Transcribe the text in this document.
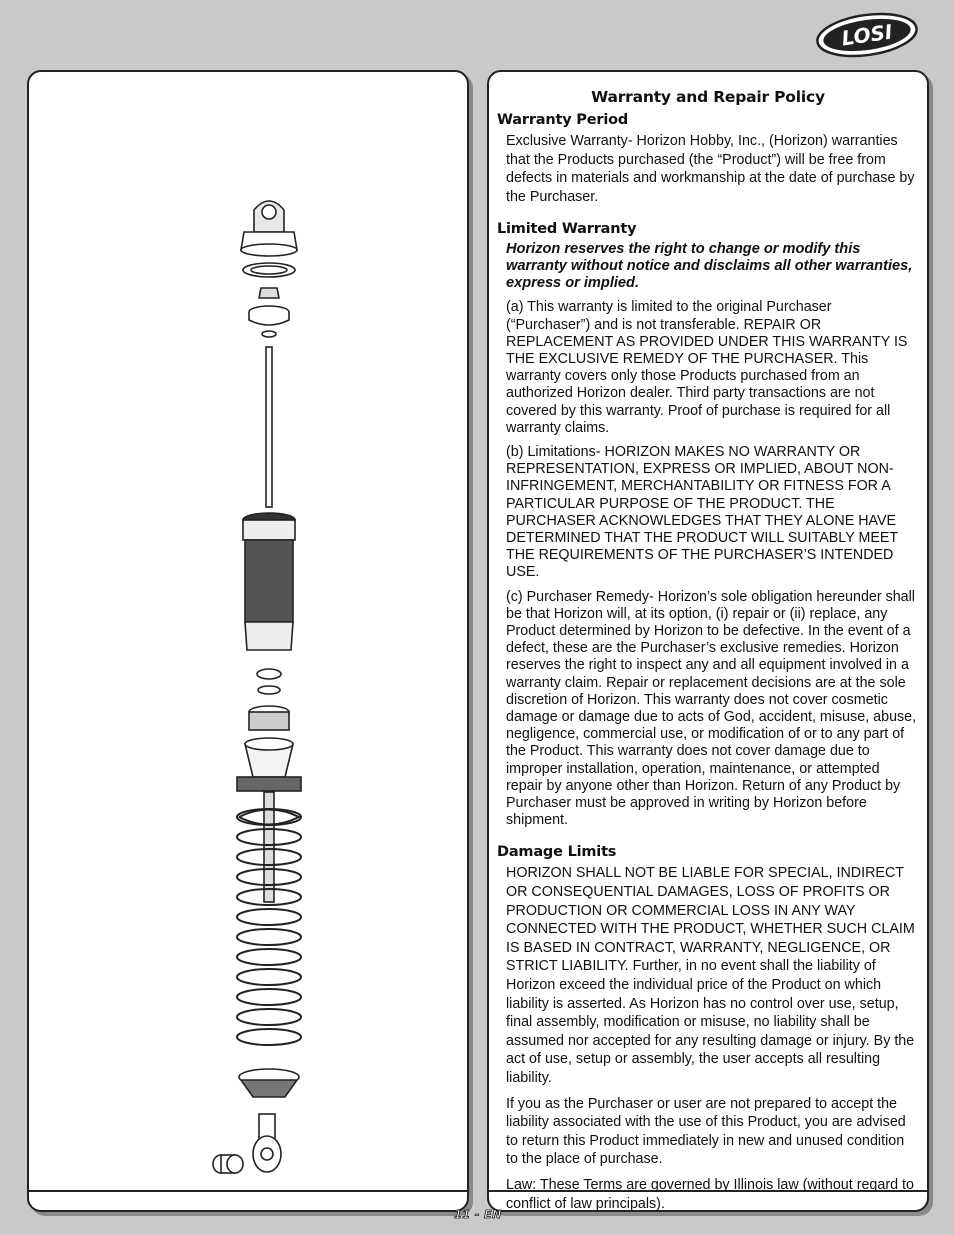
LOSI
Warranty and Repair Policy
Warranty Period

Exclusive Warranty- Horizon Hobby, Inc., (Horizon) warranties that the Products purchased (the “Product”) will be free from defects in materials and workmanship at the date of purchase by the Purchaser.

Limited Warranty

Horizon reserves the right to change or modify this warranty without notice and disclaims all other warranties, express or implied.

(a) This warranty is limited to the original Purchaser (“Purchaser”) and is not transferable. REPAIR OR REPLACEMENT AS PROVIDED UNDER THIS WARRANTY IS THE EXCLUSIVE REMEDY OF THE PURCHASER. This warranty covers only those Products purchased from an authorized Horizon dealer. Third party transactions are not covered by this warranty. Proof of purchase is required for all warranty claims.

(b) Limitations- HORIZON MAKES NO WARRANTY OR REPRESENTATION, EXPRESS OR IMPLIED, ABOUT NON-INFRINGEMENT, MERCHANTABILITY OR FITNESS FOR A PARTICULAR PURPOSE OF THE PRODUCT. THE PURCHASER ACKNOWLEDGES THAT THEY ALONE HAVE DETERMINED THAT THE PRODUCT WILL SUITABLY MEET THE REQUIREMENTS OF THE PURCHASER’S INTENDED USE.

(c) Purchaser Remedy- Horizon’s sole obligation hereunder shall be that Horizon will, at its option, (i) repair or (ii) replace, any Product determined by Horizon to be defective. In the event of a defect, these are the Purchaser’s exclusive remedies. Horizon reserves the right to inspect any and all equipment involved in a warranty claim. Repair or replacement decisions are at the sole discretion of Horizon. This warranty does not cover cosmetic damage or damage due to acts of God, accident, misuse, abuse, negligence, commercial use, or modification of or to any part of the Product. This warranty does not cover damage due to improper installation, operation, maintenance, or attempted repair by anyone other than Horizon. Return of any Product by Purchaser must be approved in writing by Horizon before shipment.

Damage Limits

HORIZON SHALL NOT BE LIABLE FOR SPECIAL, INDIRECT OR CONSEQUENTIAL DAMAGES, LOSS OF PROFITS OR PRODUCTION OR COMMERCIAL LOSS IN ANY WAY CONNECTED WITH THE PRODUCT, WHETHER SUCH CLAIM IS BASED IN CONTRACT, WARRANTY, NEGLIGENCE, OR STRICT LIABILITY. Further, in no event shall the liability of Horizon exceed the individual price of the Product on which liability is asserted. As Horizon has no control over use, setup, final assembly, modification or misuse, no liability shall be assumed nor accepted for any resulting damage or injury. By the act of use, setup or assembly, the user accepts all resulting liability.

If you as the Purchaser or user are not prepared to accept the liability associated with the use of this Product, you are advised to return this Product immediately in new and unused condition to the place of purchase.

Law: These Terms are governed by Illinois law (without regard to conflict of law principals).

11 - EN
